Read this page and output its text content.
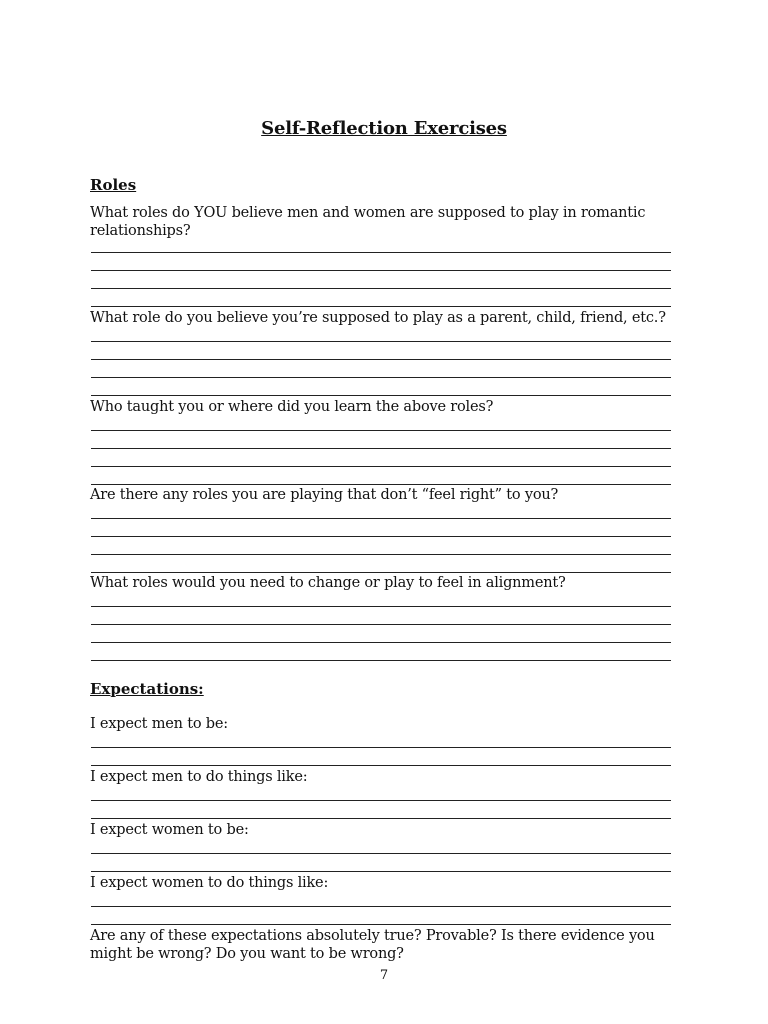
Self-Reflection Exercises
Roles
What roles do YOU believe men and women are supposed to play in romantic relationships?
What role do you believe you’re supposed to play as a parent, child, friend, etc.?
Who taught you or where did you learn the above roles?
Are there any roles you are playing that don’t “feel right” to you?
What roles would you need to change or play to feel in alignment?
Expectations:
I expect men to be:
I expect men to do things like:
I expect women to be:
I expect women to do things like:
Are any of these expectations absolutely true? Provable? Is there evidence you might be wrong? Do you want to be wrong?
7
